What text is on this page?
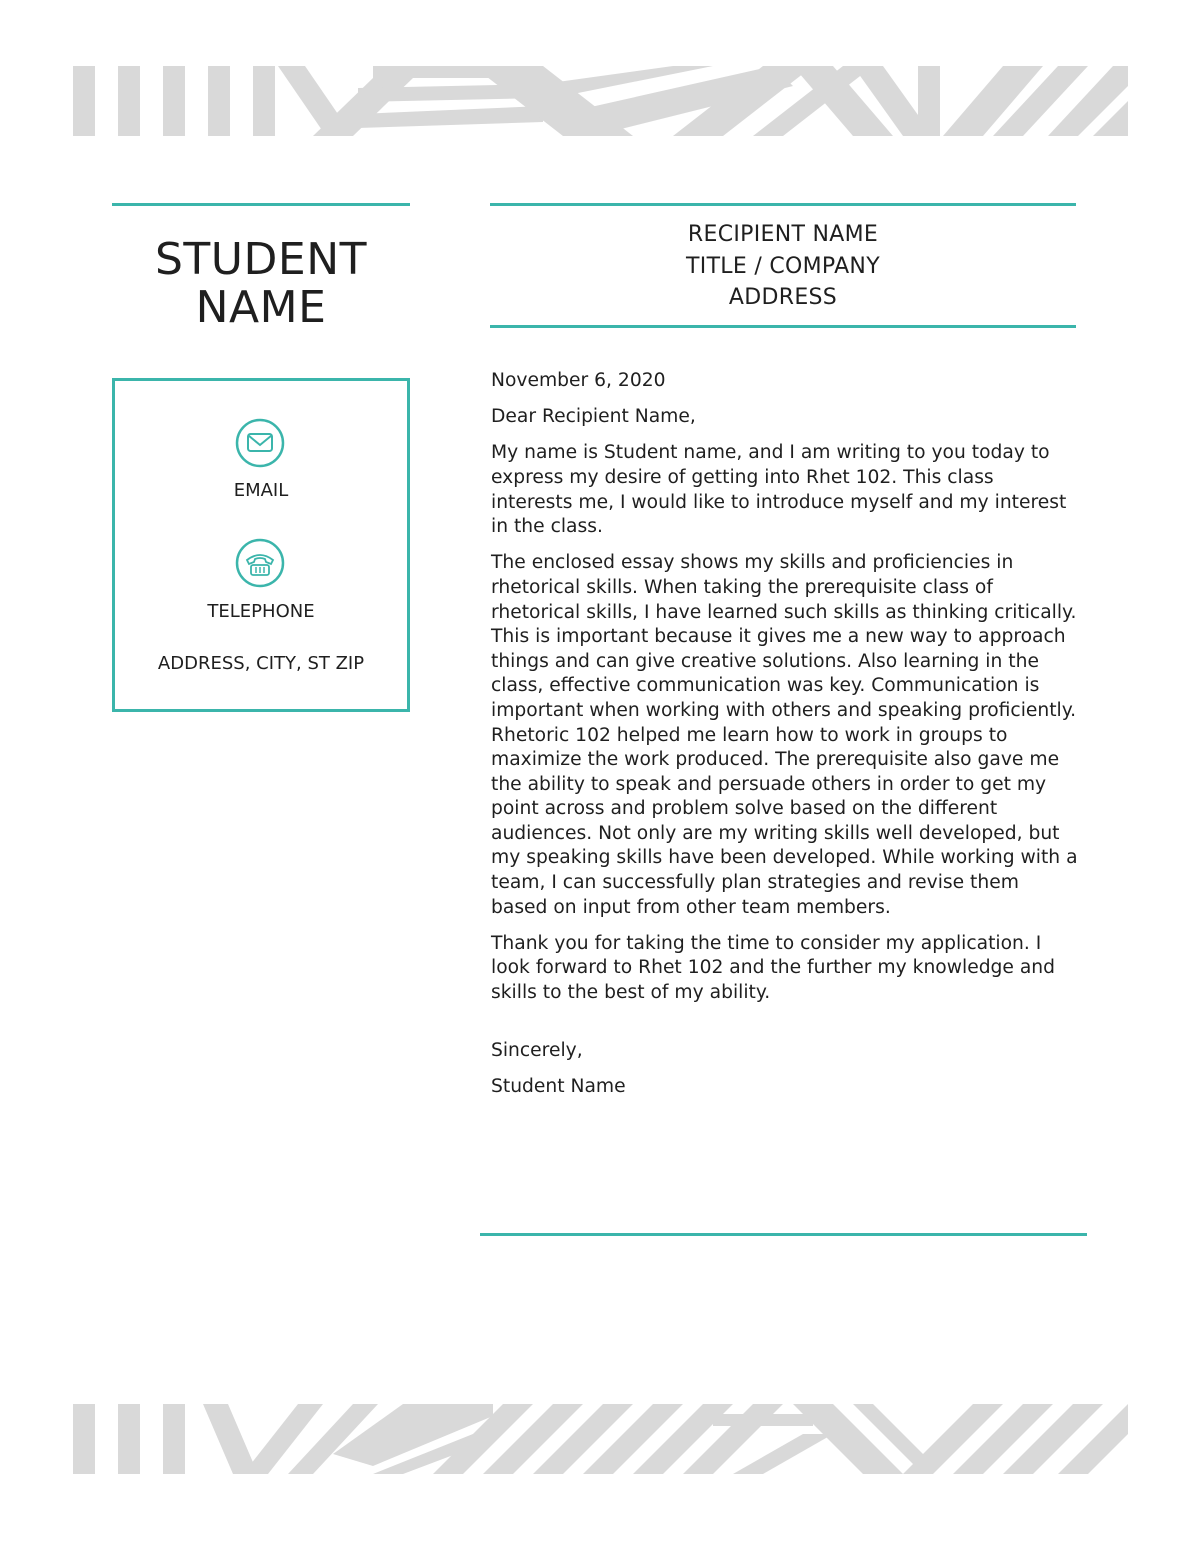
STUDENT
NAME
EMAIL
TELEPHONE
ADDRESS, CITY, ST ZIP
RECIPIENT NAME
TITLE / COMPANY
ADDRESS

November 6, 2020

Dear Recipient Name,

My name is Student name, and I am writing to you today to express my desire of getting into Rhet 102. This class interests me, I would like to introduce myself and my interest in the class.

The enclosed essay shows my skills and proficiencies in rhetorical skills. When taking the prerequisite class of rhetorical skills, I have learned such skills as thinking critically. This is important because it gives me a new way to approach things and can give creative solutions. Also learning in the class, effective communication was key. Communication is important when working with others and speaking proficiently. Rhetoric 102 helped me learn how to work in groups to maximize the work produced. The prerequisite also gave me the ability to speak and persuade others in order to get my point across and problem solve based on the different audiences. Not only are my writing skills well developed, but my speaking skills have been developed. While working with a team, I can successfully plan strategies and revise them based on input from other team members.

Thank you for taking the time to consider my application. I look forward to Rhet 102 and the further my knowledge and skills to the best of my ability.

Sincerely,

Student Name
